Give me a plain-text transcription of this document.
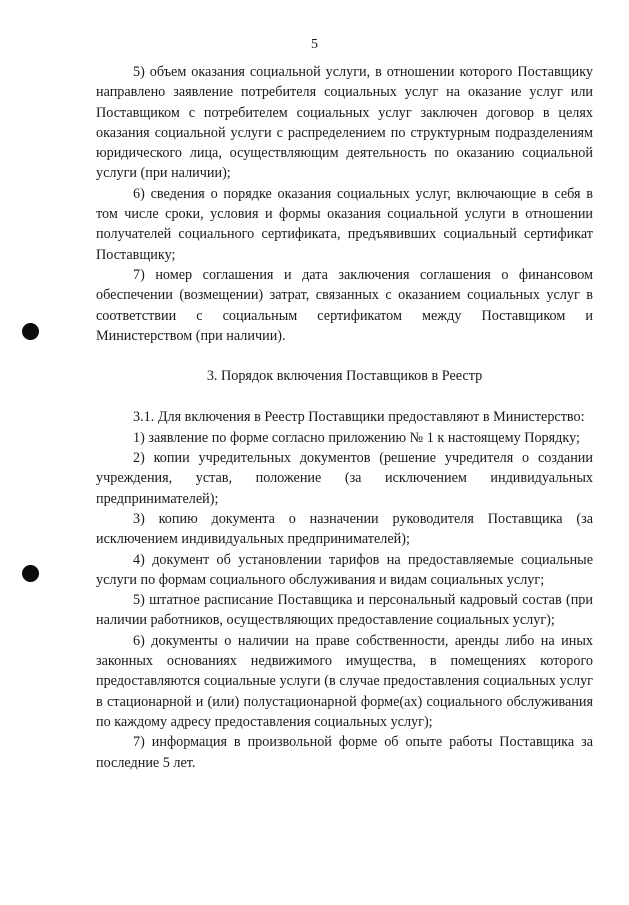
5

5) объем оказания социальной услуги, в отношении которого Поставщику направлено заявление потребителя социальных услуг на оказание услуг или Поставщиком с потребителем социальных услуг заключен договор в целях оказания социальной услуги с распределением по структурным подразделениям юридического лица, осуществляющим деятельность по оказанию социальной услуги (при наличии);

6) сведения о порядке оказания социальных услуг, включающие в себя в том числе сроки, условия и формы оказания социальной услуги в отношении получателей социального сертификата, предъявивших социальный сертификат Поставщику;

7) номер соглашения и дата заключения соглашения о финансовом обеспечении (возмещении) затрат, связанных с оказанием социальных услуг в соответствии с социальным сертификатом между Поставщиком и Министерством (при наличии).

3. Порядок включения Поставщиков в Реестр

3.1. Для включения в Реестр Поставщики предоставляют в Министерство:

1) заявление по форме согласно приложению № 1 к настоящему Порядку;

2) копии учредительных документов (решение учредителя о создании учреждения, устав, положение (за исключением индивидуальных предпринимателей);

3) копию документа о назначении руководителя Поставщика (за исключением индивидуальных предпринимателей);

4) документ об установлении тарифов на предоставляемые социальные услуги по формам социального обслуживания и видам социальных услуг;

5) штатное расписание Поставщика и персональный кадровый состав (при наличии работников, осуществляющих предоставление социальных услуг);

6) документы о наличии на праве собственности, аренды либо на иных законных основаниях недвижимого имущества, в помещениях которого предоставляются социальные услуги (в случае предоставления социальных услуг в стационарной и (или) полустационарной форме(ах) социального обслуживания по каждому адресу предоставления социальных услуг);

7) информация в произвольной форме об опыте работы Поставщика за последние 5 лет.
